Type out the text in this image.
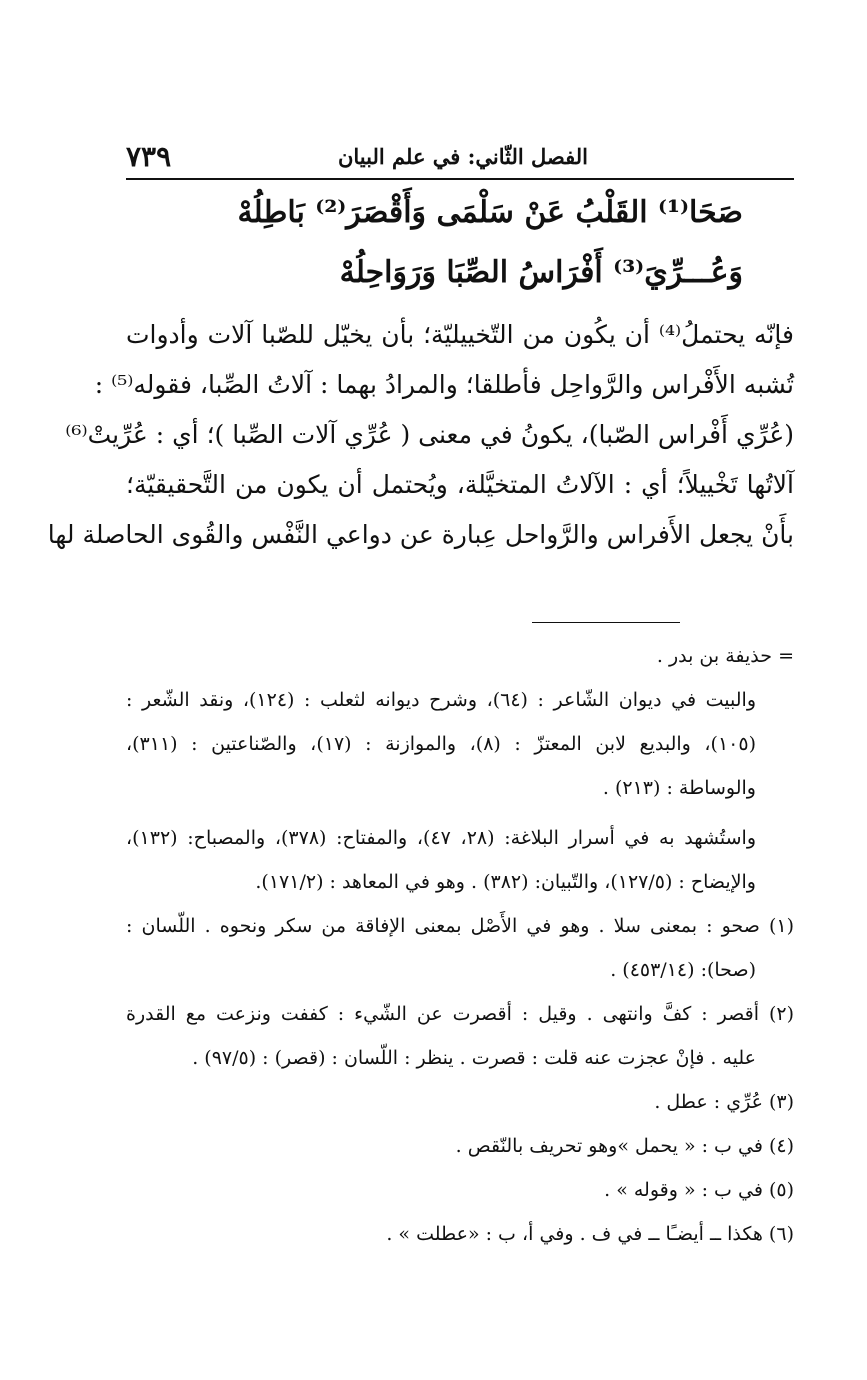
٧٣٩	الفصل الثّاني: في علم البيان
صَحَا⁽¹⁾ القَلْبُ عَنْ سَلْمَى وَأَقْصَرَ⁽²⁾ بَاطِلُهْ
وَعُـــرِّيَ⁽³⁾ أَفْرَاسُ الصِّبَا وَرَوَاحِلُهْ

فإنّه يحتملُ⁽⁴⁾ أن يكُون من التّخييليّة؛ بأن يخيّل للصّبا آلات وأدوات

تُشبه الأَفْراس والرَّواحِل فأطلقا؛ والمرادُ بهما : آلاتُ الصِّبا، فقوله⁽⁵⁾ :

(عُرِّي أَفْراس الصّبا)، يكونُ في معنى ( عُرِّي آلات الصِّبا )؛ أي : عُرِّيتْ⁽⁶⁾

آلاتُها تَخْييلاً؛ أي : الآلاتُ المتخيَّلة، ويُحتمل أن يكون من التَّحقيقيّة؛

بأَنْ يجعل الأَفراس والرَّواحل عِبارة عن دواعي النَّفْس والقُوى الحاصلة لها

= حذيفة بن بدر .

والبيت في ديوان الشّاعر : (٦٤)، وشرح ديوانه لثعلب : (١٢٤)، ونقد الشّعر :

(١٠٥)، والبديع لابن المعتزّ : (٨)، والموازنة : (١٧)، والصّناعتين : (٣١١)،

والوساطة : (٢١٣) .

واستُشهد به في أسرار البلاغة: (٢٨، ٤٧)، والمفتاح: (٣٧٨)، والمصباح: (١٣٢)،

والإيضاح : (١٢٧/٥)، والتّبيان: (٣٨٢) . وهو في المعاهد : (١٧١/٢).

(١) صحو : بمعنى سلا . وهو في الأَصْل بمعنى الإفاقة من سكر ونحوه . اللّسان :

(صحا): (٤٥٣/١٤) .

(٢) أقصر : كفَّ وانتهى . وقيل : أقصرت عن الشّيء : كففت ونزعت مع القدرة

عليه . فإنْ عجزت عنه قلت : قصرت . ينظر : اللّسان : (قصر) : (٩٧/٥) .

(٣) عُرِّي : عطل .

(٤) في ب : « يحمل »وهو تحريف بالنّقص .

(٥) في ب : « وقوله » .

(٦) هكذا ــ أيضـًا ــ في ف . وفي أ، ب : «عطلت » .
